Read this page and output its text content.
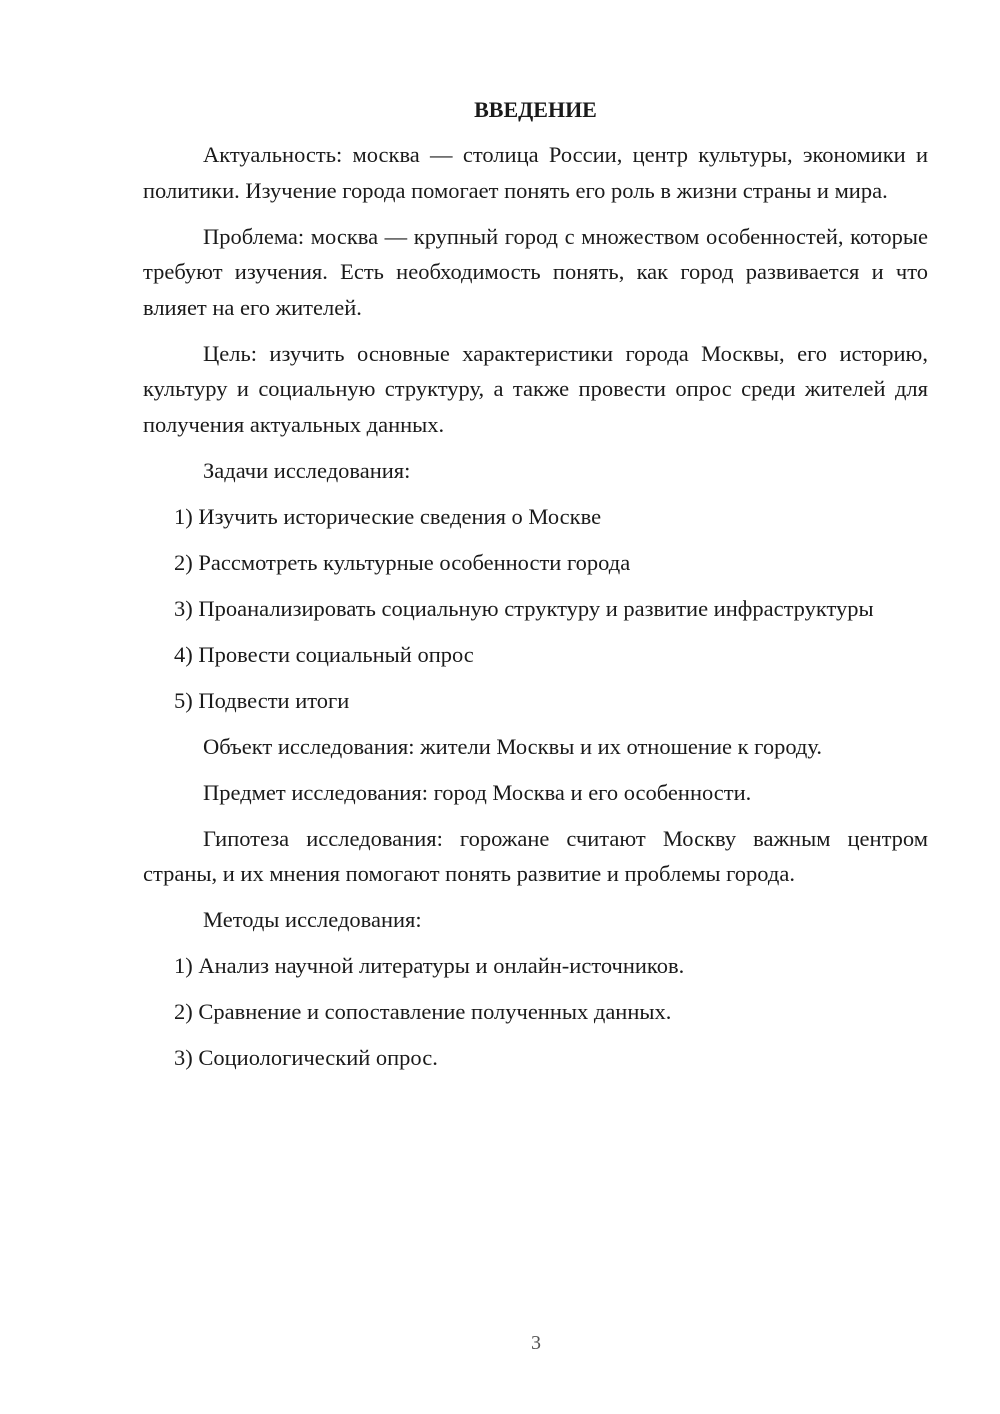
ВВЕДЕНИЕ

Актуальность: москва — столица России, центр культуры, экономики и политики. Изучение города помогает понять его роль в жизни страны и мира.

Проблема: москва — крупный город с множеством особенностей, которые требуют изучения. Есть необходимость понять, как город развивается и что влияет на его жителей.

Цель: изучить основные характеристики города Москвы, его историю, культуру и социальную структуру, а также провести опрос среди жителей для получения актуальных данных.

Задачи исследования:

1) Изучить исторические сведения о Москве

2) Рассмотреть культурные особенности города

3) Проанализировать социальную структуру и развитие инфраструктуры

4) Провести социальный опрос

5) Подвести итоги

Объект исследования: жители Москвы и их отношение к городу.

Предмет исследования: город Москва и его особенности.

Гипотеза исследования: горожане считают Москву важным центром страны, и их мнения помогают понять развитие и проблемы города.

Методы исследования:

1) Анализ научной литературы и онлайн-источников.

2) Сравнение и сопоставление полученных данных.

3) Социологический опрос.

3
